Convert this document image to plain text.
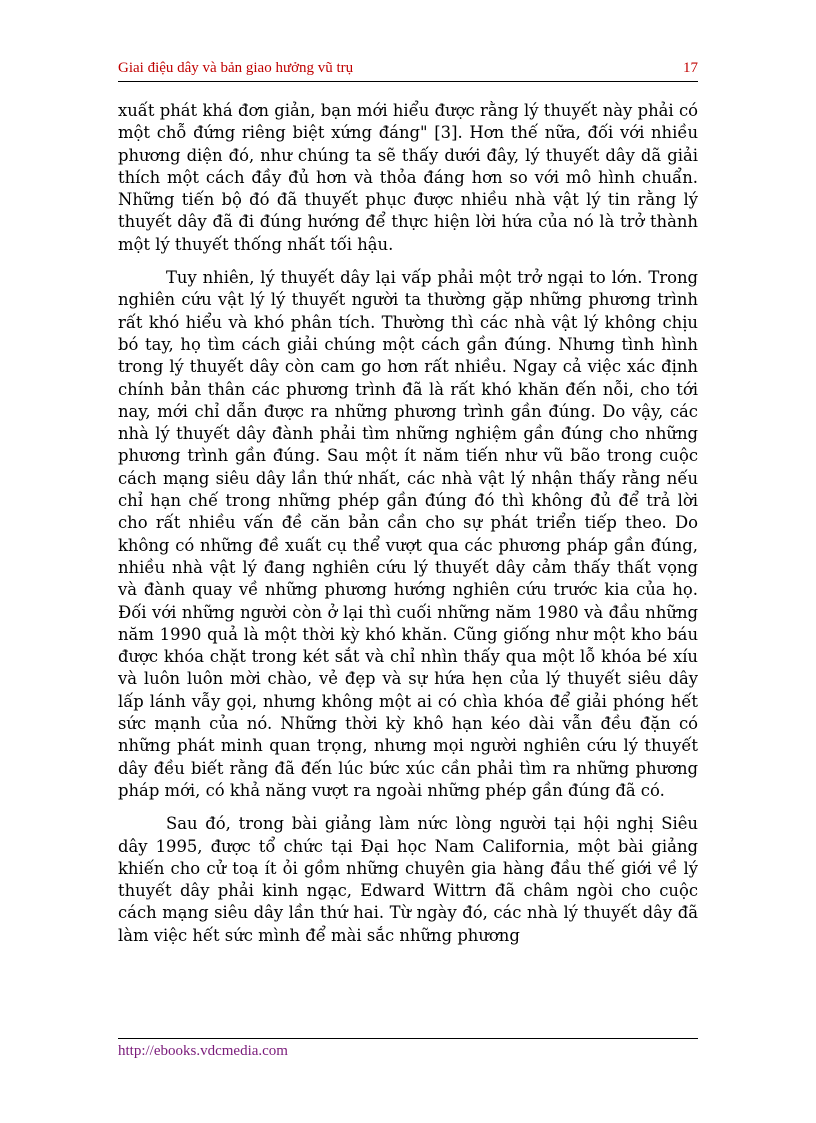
Giai điệu dây và bản giao hưởng vũ trụ	17

xuất phát khá đơn giản, bạn mới hiểu được rằng lý thuyết này phải có một chỗ đứng riêng biệt xứng đáng" [3]. Hơn thế nữa, đối với nhiều phương diện đó, như chúng ta sẽ thấy dưới đây, lý thuyết dây dã giải thích một cách đầy đủ hơn và thỏa đáng hơn so với mô hình chuẩn. Những tiến bộ đó đã thuyết phục được nhiều nhà vật lý tin rằng lý thuyết dây đã đi đúng hướng để thực hiện lời hứa của nó là trở thành một lý thuyết thống nhất tối hậu.

Tuy nhiên, lý thuyết dây lại vấp phải một trở ngại to lớn. Trong nghiên cứu vật lý lý thuyết người ta thường gặp những phương trình rất khó hiểu và khó phân tích. Thường thì các nhà vật lý không chịu bó tay, họ tìm cách giải chúng một cách gần đúng. Nhưng tình hình trong lý thuyết dây còn cam go hơn rất nhiều. Ngay cả việc xác định chính bản thân các phương trình đã là rất khó khăn đến nỗi, cho tới nay, mới chỉ dẫn được ra những phương trình gần đúng. Do vậy, các nhà lý thuyết dây đành phải tìm những nghiệm gần đúng cho những phương trình gần đúng. Sau một ít năm tiến như vũ bão trong cuộc cách mạng siêu dây lần thứ nhất, các nhà vật lý nhận thấy rằng nếu chỉ hạn chế trong những phép gần đúng đó thì không đủ để trả lời cho rất nhiều vấn đề căn bản cần cho sự phát triển tiếp theo. Do không có những đề xuất cụ thể vượt qua các phương pháp gần đúng, nhiều nhà vật lý đang nghiên cứu lý thuyết dây cảm thấy thất vọng và đành quay về những phương hướng nghiên cứu trước kia của họ. Đối với những người còn ở lại thì cuối những năm 1980 và đầu những năm 1990 quả là một thời kỳ khó khăn. Cũng giống như một kho báu được khóa chặt trong két sắt và chỉ nhìn thấy qua một lỗ khóa bé xíu và luôn luôn mời chào, vẻ đẹp và sự hứa hẹn của lý thuyết siêu dây lấp lánh vẫy gọi, nhưng không một ai có chìa khóa để giải phóng hết sức mạnh của nó. Những thời kỳ khô hạn kéo dài vẫn đều đặn có những phát minh quan trọng, nhưng mọi người nghiên cứu lý thuyết dây đều biết rằng đã đến lúc bức xúc cần phải tìm ra những phương pháp mới, có khả năng vượt ra ngoài những phép gần đúng đã có.

Sau đó, trong bài giảng làm nức lòng người tại hội nghị Siêu dây 1995, được tổ chức tại Đại học Nam California, một bài giảng khiến cho cử toạ ít ỏi gồm những chuyên gia hàng đầu thế giới về lý thuyết dây phải kinh ngạc, Edward Wittrn đã châm ngòi cho cuộc cách mạng siêu dây lần thứ hai. Từ ngày đó, các nhà lý thuyết dây đã làm việc hết sức mình để mài sắc những phương

http://ebooks.vdcmedia.com
